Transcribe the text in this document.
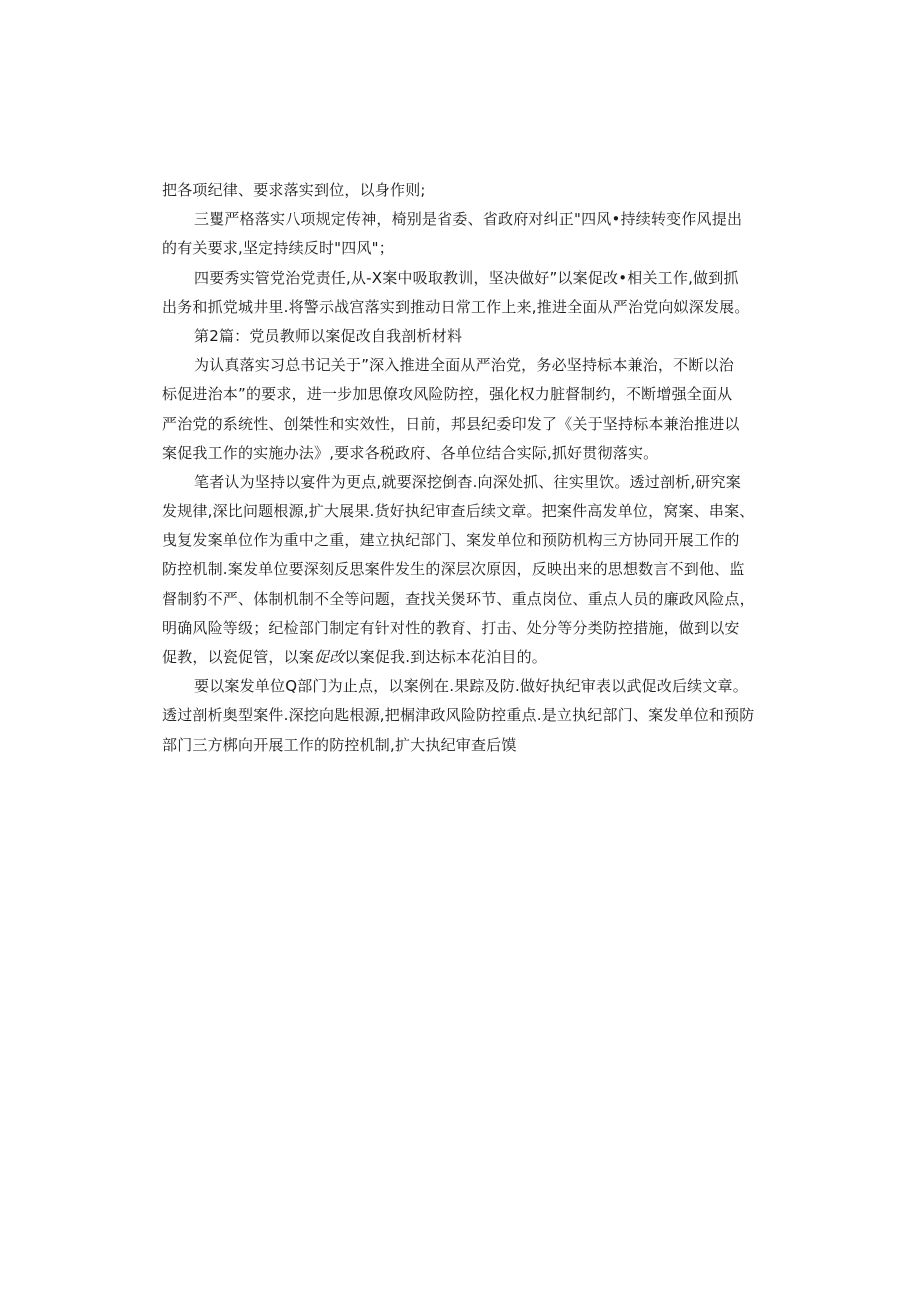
把各项纪律、要求落实到位，以身作则;
三矍严格落实八项规定传神，椅别是省委、省政府对纠正"四风•持续转变作风提出
的有关要求,坚定持续反时"四风"；
四要秀实管党治党责任,从-X案中吸取教训，坚决做好”以案促改•相关工作,做到抓
出务和抓党城井里.将警示战宫落实到推动日常工作上来,推进全面从严治党向姒深发展。
第2篇：党员教师以案促改自我剖析材料
为认真落实习总书记关于”深入推进全面从严治党，务必坚持标本兼治，不断以治
标促进治本”的要求，进一步加思僚攻风险防控，强化权力脏督制约，不断增强全面从
严治党的系统性、创桀性和实效性，日前，邦县纪委印发了《关于坚持标本兼治推进以
案促我工作的实施办法》,要求各税政府、各单位结合实际,抓好贯彻落实。
笔者认为坚持以宴件为更点,就要深挖倒杳.向深处抓、往实里饮。透过剖析,研究案
发规律,深比问题根源,扩大展果.货好执纪审查后续文章。把案件高发单位，窝案、串案、
曳复发案单位作为重中之重，建立执纪部门、案发单位和预防机构三方协同开展工作的
防控机制.案发单位要深刻反思案件发生的深层次原因，反映出来的思想数言不到他、监
督制豹不严、体制机制不全等问题，查找关煲环节、重点岗位、重点人员的廉政风险点，
明确风险等级；纪检部门制定有针对性的教育、打击、处分等分类防控措施，做到以安
促教，以瓷促管，以案促改以案促我.到达标本花泊目的。
要以案发单位Q部门为止点，以案例在.果踪及防.做好执纪审表以武促改后续文章。
透过剖析奥型案件.深挖向匙根源,把榍津政风险防控重点.是立执纪部门、案发单位和预防
部门三方梆向开展工作的防控机制,扩大执纪审查后馍
